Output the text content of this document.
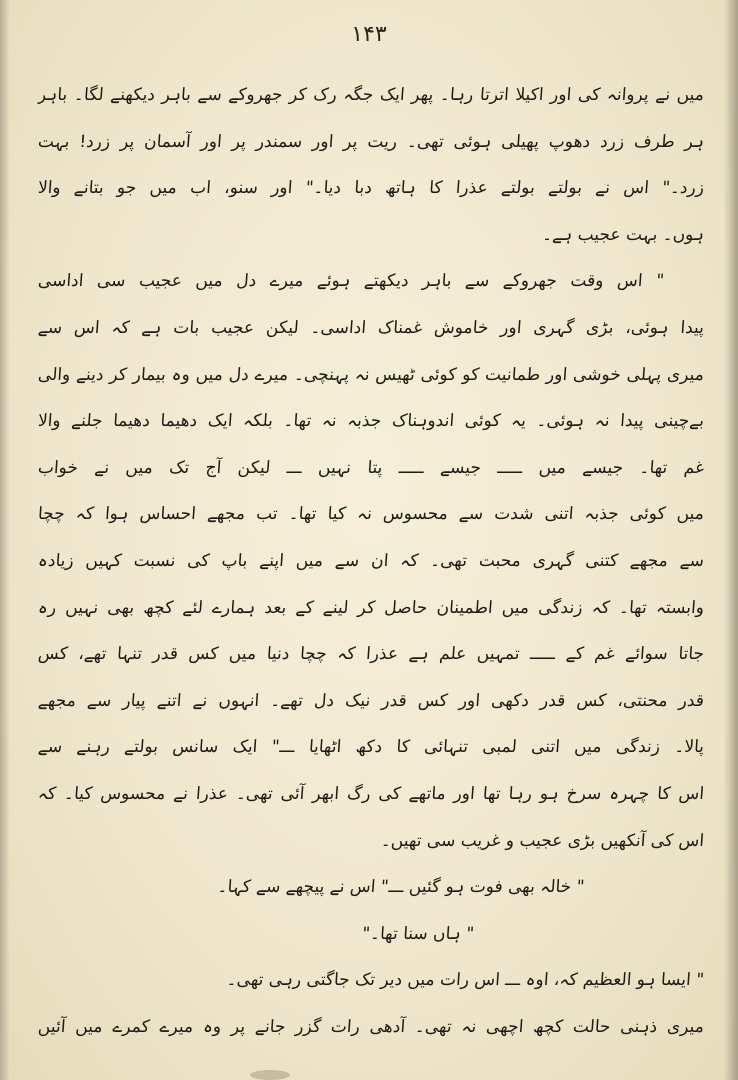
۱۴۳
میں نے پروانہ کی اور اکیلا اترتا رہا۔ پھر ایک جگہ رک کر جھروکے سے باہر دیکھنے لگا۔ باہر
ہر طرف زرد دھوپ پھیلی ہوئی تھی۔ ریت پر اور سمندر پر اور آسمان پر زرد! بہت
زرد۔" اس نے بولتے بولتے عذرا کا ہاتھ دبا دیا۔" اور سنو، اب میں جو بتانے والا
ہوں۔ بہت عجیب ہے۔
" اس وقت جھروکے سے باہر دیکھتے ہوئے میرے دل میں عجیب سی اداسی
پیدا ہوئی، بڑی گہری اور خاموش غمناک اداسی۔ لیکن عجیب بات ہے کہ اس سے
میری پہلی خوشی اور طمانیت کو کوئی ٹھیس نہ پہنچی۔ میرے دل میں وہ بیمار کر دینے والی
بےچینی پیدا نہ ہوئی۔ یہ کوئی اندوہناک جذبہ نہ تھا۔ بلکہ ایک دھیما دھیما جلنے والا
غم تھا۔ جیسے میں ـــــ جیسے ـــــ پتا نہیں ـــ لیکن آج تک میں نے خواب
میں کوئی جذبہ اتنی شدت سے محسوس نہ کیا تھا۔ تب مجھے احساس ہوا کہ چچا
سے مجھے کتنی گہری محبت تھی۔ کہ ان سے میں اپنے باپ کی نسبت کہیں زیادہ
وابستہ تھا۔ کہ زندگی میں اطمینان حاصل کر لینے کے بعد ہمارے لئے کچھ بھی نہیں رہ
جاتا سوائے غم کے ـــــ تمہیں علم ہے عذرا کہ چچا دنیا میں کس قدر تنہا تھے، کس
قدر محنتی، کس قدر دکھی اور کس قدر نیک دل تھے۔ انہوں نے اتنے پیار سے مجھے
پالا۔ زندگی میں اتنی لمبی تنہائی کا دکھ اٹھایا ـــ" ایک سانس بولتے رہنے سے
اس کا چہرہ سرخ ہو رہا تھا اور ماتھے کی رگ ابھر آئی تھی۔ عذرا نے محسوس کیا۔ کہ
اس کی آنکھیں بڑی عجیب و غریب سی تھیں۔
" خالہ بھی فوت ہو گئیں ـــ" اس نے پیچھے سے کہا۔
" ہاں سنا تھا۔"
" ایسا ہو العظیم کہ، اوہ ـــ اس رات میں دیر تک جاگتی رہی تھی۔
میری ذہنی حالت کچھ اچھی نہ تھی۔ آدھی رات گزر جانے پر وہ میرے کمرے میں آئیں
